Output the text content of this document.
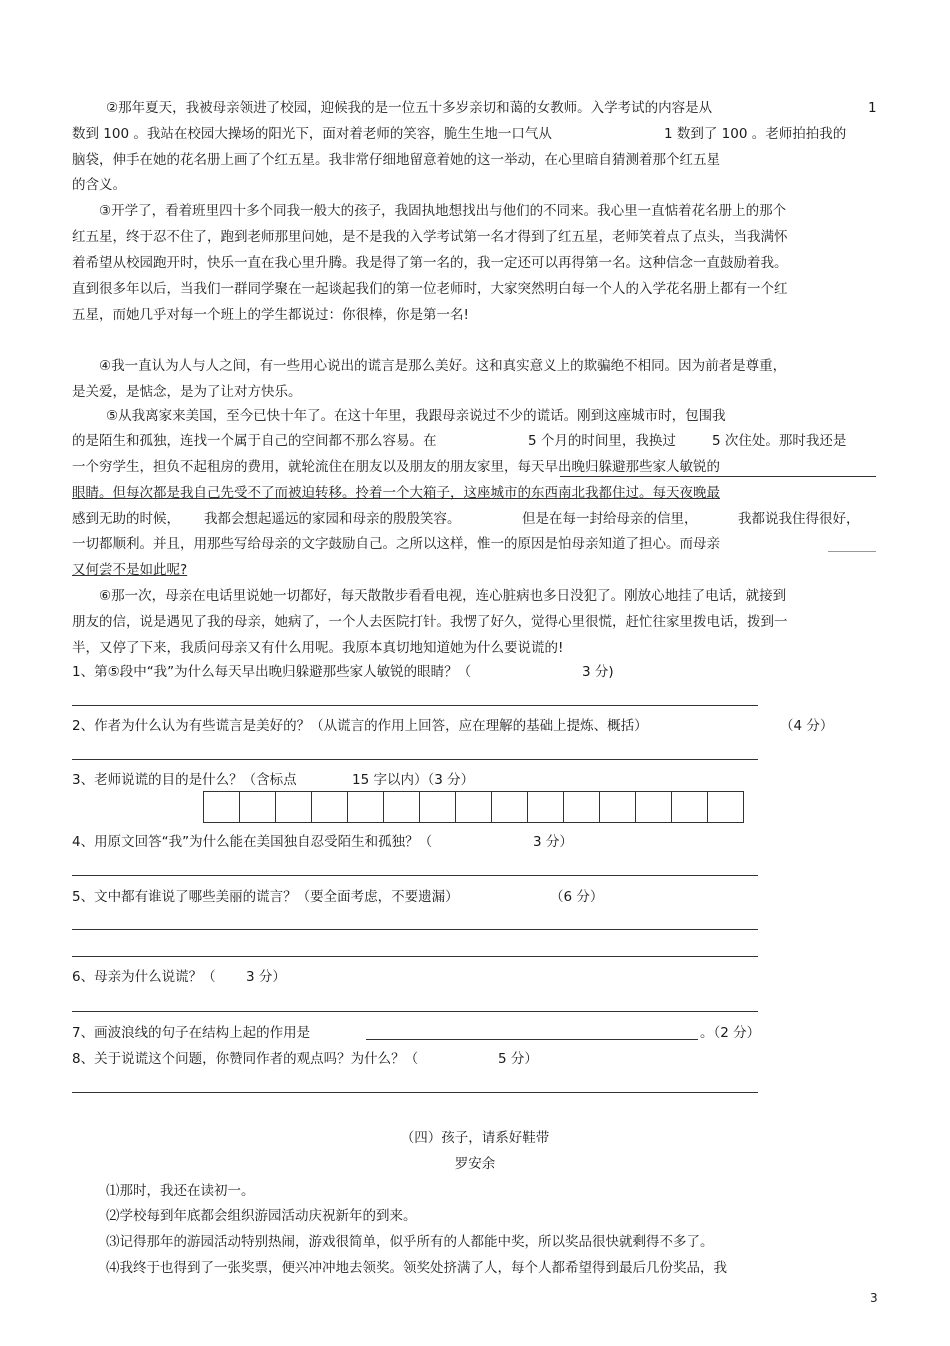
②那年夏天，我被母亲领进了校园，迎候我的是一位五十多岁亲切和蔼的女教师。入学考试的内容是从	1
数到 100 。我站在校园大操场的阳光下，面对着老师的笑容，脆生生地一口气从	1 数到了 100 。老师拍拍我的
脑袋，伸手在她的花名册上画了个红五星。我非常仔细地留意着她的这一举动，在心里暗自猜测着那个红五星
的含义。
③开学了，看着班里四十多个同我一般大的孩子，我固执地想找出与他们的不同来。我心里一直惦着花名册上的那个红五星，终于忍不住了，跑到老师那里问她，是不是我的入学考试第一名才得到了红五星，老师笑着点了点头，当我满怀着希望从校园跑开时，快乐一直在我心里升腾。我是得了第一名的，我一定还可以再得第一名。这种信念一直鼓励着我。直到很多年以后，当我们一群同学聚在一起谈起我们的第一位老师时，大家突然明白每一个人的入学花名册上都有一个红五星，而她几乎对每一个班上的学生都说过：你很棒，你是第一名!
④我一直认为人与人之间，有一些用心说出的谎言是那么美好。这和真实意义上的欺骗绝不相同。因为前者是尊重，是关爱，是惦念，是为了让对方快乐。
⑤从我离家来美国，至今已快十年了。在这十年里，我跟母亲说过不少的谎话。刚到这座城市时，包围我
的是陌生和孤独，连找一个属于自己的空间都不那么容易。在	5 个月的时间里，我换过	5 次住处。那时我还是
一个穷学生，担负不起租房的费用，就轮流住在朋友以及朋友的朋友家里，每天早出晚归躲避那些家人敏锐的
眼睛。但每次都是我自己先受不了而被迫转移。拎着一个大箱子，这座城市的东西南北我都住过。每天夜晚最
感到无助的时候， 我都会想起遥远的家园和母亲的殷殷笑容。	但是在每一封给母亲的信里，	我都说我住得很好，
一切都顺利。并且，用那些写给母亲的文字鼓励自己。之所以这样，惟一的原因是怕母亲知道了担心。而母亲
又何尝不是如此呢?
⑥那一次，母亲在电话里说她一切都好，每天散散步看看电视，连心脏病也多日没犯了。刚放心地挂了电话，就接到朋友的信，说是遇见了我的母亲，她病了，一个人去医院打针。我愣了好久，觉得心里很慌，赶忙往家里拨电话，拨到一半，又停了下来，我质问母亲又有什么用呢。我原本真切地知道她为什么要说谎的!
1、第⑤段中“我”为什么每天早出晚归躲避那些家人敏锐的眼睛？（	3 分)
2、作者为什么认为有些谎言是美好的？（从谎言的作用上回答，应在理解的基础上提炼、概括）	（4 分）
3、老师说谎的目的是什么？（含标点	15 字以内）（3 分）
4、用原文回答“我”为什么能在美国独自忍受陌生和孤独？（	3 分）
5、文中都有谁说了哪些美丽的谎言？（要全面考虑，不要遗漏）	（6 分）
6、母亲为什么说谎？（ 3 分）
7、画波浪线的句子在结构上起的作用是	。（2 分）
8、关于说谎这个问题，你赞同作者的观点吗？为什么？（	5 分）
（四）孩子，请系好鞋带
罗安余
⑴那时，我还在读初一。
⑵学校每到年底都会组织游园活动庆祝新年的到来。
⑶记得那年的游园活动特别热闹，游戏很简单，似乎所有的人都能中奖，所以奖品很快就剩得不多了。
⑷我终于也得到了一张奖票，便兴冲冲地去领奖。领奖处挤满了人，每个人都希望得到最后几份奖品，我
3
